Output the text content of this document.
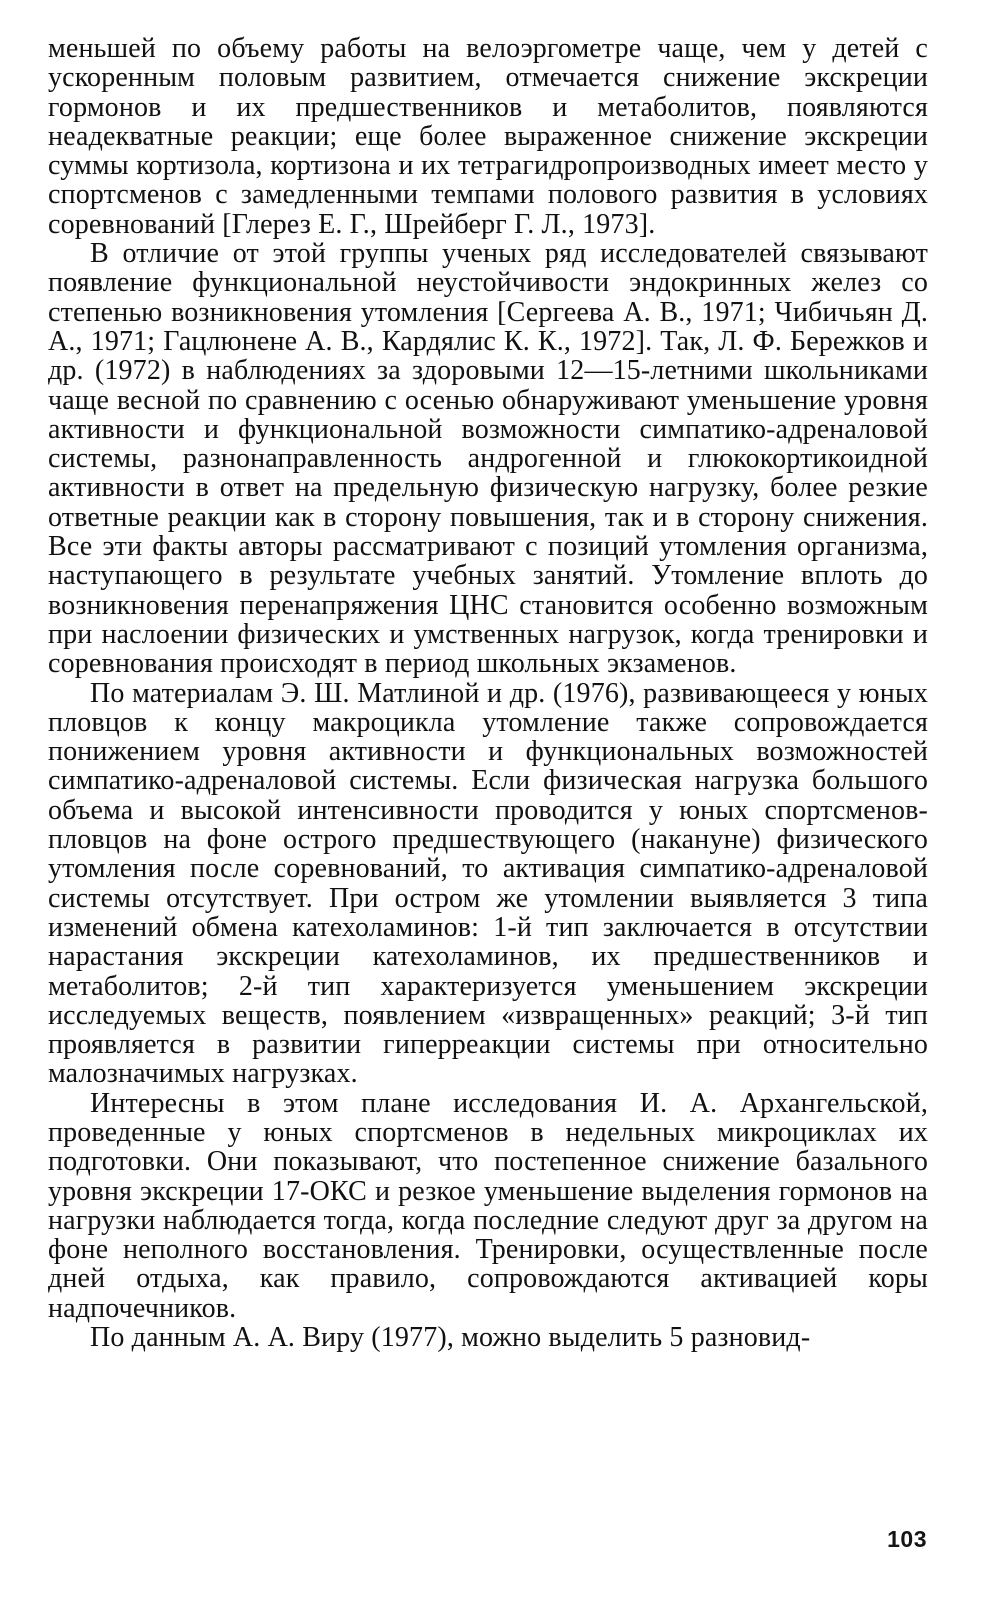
меньшей по объему работы на велоэргометре чаще, чем у детей с ускоренным половым развитием, отмечается снижение экскреции гормонов и их предшественников и метаболитов, появляются неадекватные реакции; еще более выраженное снижение экскреции суммы кортизола, кортизона и их тетрагидропроизводных имеет место у спортсменов с замедленными темпами полового развития в условиях соревнований [Глерез Е. Г., Шрейберг Г. Л., 1973].

В отличие от этой группы ученых ряд исследователей связывают появление функциональной неустойчивости эндокринных желез со степенью возникновения утомления [Сергеева А. В., 1971; Чибичьян Д. А., 1971; Гацлюнене А. В., Кардялис К. К., 1972]. Так, Л. Ф. Бережков и др. (1972) в наблюдениях за здоровыми 12—15-летними школьниками чаще весной по сравнению с осенью обнаруживают уменьшение уровня активности и функциональной возможности симпатико-адреналовой системы, разнонаправленность андрогенной и глюкокортикоидной активности в ответ на предельную физическую нагрузку, более резкие ответные реакции как в сторону повышения, так и в сторону снижения. Все эти факты авторы рассматривают с позиций утомления организма, наступающего в результате учебных занятий. Утомление вплоть до возникновения перенапряжения ЦНС становится особенно возможным при наслоении физических и умственных нагрузок, когда тренировки и соревнования происходят в период школьных экзаменов.

По материалам Э. Ш. Матлиной и др. (1976), развивающееся у юных пловцов к концу макроцикла утомление также сопровождается понижением уровня активности и функциональных возможностей симпатико-адреналовой системы. Если физическая нагрузка большого объема и высокой интенсивности проводится у юных спортсменов-пловцов на фоне острого предшествующего (накануне) физического утомления после соревнований, то активация симпатико-адреналовой системы отсутствует. При остром же утомлении выявляется 3 типа изменений обмена катехоламинов: 1-й тип заключается в отсутствии нарастания экскреции катехоламинов, их предшественников и метаболитов; 2-й тип характеризуется уменьшением экскреции исследуемых веществ, появлением «извращенных» реакций; 3-й тип проявляется в развитии гиперреакции системы при относительно малозначимых нагрузках.

Интересны в этом плане исследования И. А. Архангельской, проведенные у юных спортсменов в недельных микроциклах их подготовки. Они показывают, что постепенное снижение базального уровня экскреции 17-ОКС и резкое уменьшение выделения гормонов на нагрузки наблюдается тогда, когда последние следуют друг за другом на фоне неполного восстановления. Тренировки, осуществленные после дней отдыха, как правило, сопровождаются активацией коры надпочечников.

По данным А. А. Виру (1977), можно выделить 5 разновид-

103
